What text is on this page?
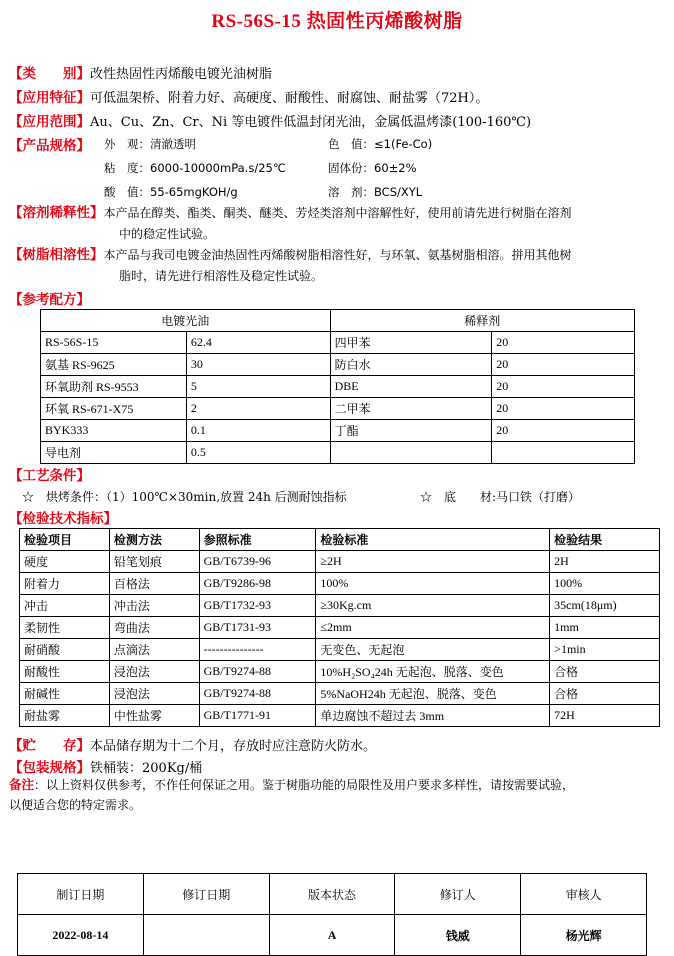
RS-56S-15 热固性丙烯酸树脂
【类　　别】改性热固性丙烯酸电镀光油树脂
【应用特征】可低温架桥、附着力好、高硬度、耐酸性、耐腐蚀、耐盐雾（72H）。
【应用范围】Au、Cu、Zn、Cr、Ni 等电镀件低温封闭光油，金属低温烤漆(100-160℃)
【产品规格】 外　观：清澈透明	色　值：≤1(Fe-Co)
粘　度：6000-10000mPa.s/25℃	固体份：60±2%
酸　值：55-65mgKOH/g	溶　剂：BCS/XYL
【溶剂稀释性】本产品在醇类、酯类、酮类、醚类、芳烃类溶剂中溶解性好，使用前请先进行树脂在溶剂
中的稳定性试验。
【树脂相溶性】本产品与我司电镀金油热固性丙烯酸树脂相溶性好，与环氧、氨基树脂相溶。拼用其他树
脂时，请先进行相溶性及稳定性试验。
【参考配方】
电镀光油		稀释剂	
RS-56S-15	62.4	四甲苯	20
氨基 RS-9625	30	防白水	20
环氧助剂 RS-9553	5	DBE	20
环氧 RS-671-X75	2	二甲苯	20
BYK333	0.1	丁酯	20
导电剂	0.5		
【工艺条件】
☆　烘烤条件：（1）100℃×30min,放置 24h 后测耐蚀指标	☆　底　　材:马口铁（打磨）
【检验技术指标】
检验项目	检测方法	参照标准	检验标准	检验结果
硬度	铅笔划痕	GB/T6739-96	≥2H	2H
附着力	百格法	GB/T9286-98	100%	100%
冲击	冲击法	GB/T1732-93	≥30Kg.cm	35cm(18μm)
柔韧性	弯曲法	GB/T1731-93	≤2mm	1mm
耐硝酸	点滴法	---------------	无变色、无起泡	>1min
耐酸性	浸泡法	GB/T9274-88	10%H₂SO₄24h 无起泡、脱落、变色	合格
耐碱性	浸泡法	GB/T9274-88	5%NaOH24h 无起泡、脱落、变色	合格
耐盐雾	中性盐雾	GB/T1771-91	单边腐蚀不超过去 3mm	72H
【贮　　存】本品储存期为十二个月，存放时应注意防火防水。
【包装规格】铁桶装：200Kg/桶
备注：以上资料仅供参考，不作任何保证之用。鉴于树脂功能的局限性及用户要求多样性，请按需要试验，
以便适合您的特定需求。
制订日期	修订日期	版本状态	修订人	审核人
2022-08-14		A	钱威	杨光辉
